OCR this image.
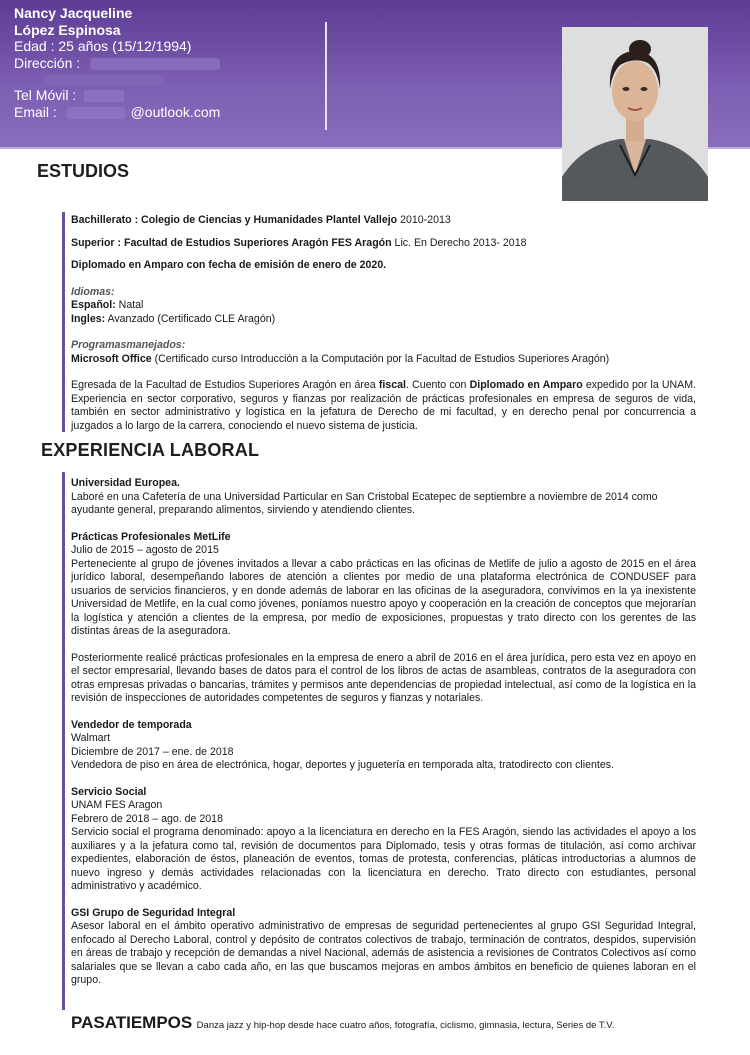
Nancy Jacqueline
López Espinosa
Edad : 25 años (15/12/1994)
Dirección :
Tel Móvil :
Email :	@outlook.com
ESTUDIOS

Bachillerato : Colegio de Ciencias y Humanidades Plantel Vallejo 2010-2013

Superior : Facultad de Estudios Superiores Aragón FES Aragón Lic. En Derecho 2013- 2018

Diplomado en Amparo con fecha de emisión de enero de 2020.

Idiomas:

Español: Natal

Ingles: Avanzado (Certificado CLE Aragón)

Programasmanejados:

Microsoft Office (Certificado curso Introducción a la Computación por la Facultad de Estudios Superiores Aragón)

Egresada de la Facultad de Estudios Superiores Aragón en área fiscal. Cuento con Diplomado en Amparo expedido por la UNAM. Experiencia en sector corporativo, seguros y fianzas por realización de prácticas profesionales en empresa de seguros de vida, también en sector administrativo y logística en la jefatura de Derecho de mi facultad, y en derecho penal por concurrencia a juzgados a lo largo de la carrera, conociendo el nuevo sistema de justicia.

EXPERIENCIA LABORAL

Universidad Europea.

Laboré en una Cafetería de una Universidad Particular en San Cristobal Ecatepec de septiembre a noviembre de 2014 como ayudante general, preparando alimentos, sirviendo y atendiendo clientes.

Prácticas Profesionales MetLife

Julio de 2015 – agosto de 2015

Perteneciente al grupo de jóvenes invitados a llevar a cabo prácticas en las oficinas de Metlife de julio a agosto de 2015 en el área jurídico laboral, desempeñando labores de atención a clientes por medio de una plataforma electrónica de CONDUSEF para usuarios de servicios financieros, y en donde además de laborar en las oficinas de la aseguradora, convivimos en la ya inexistente Universidad de Metlife, en la cual como jóvenes, poníamos nuestro apoyo y cooperación en la creación de conceptos que mejorarían la logística y atención a clientes de la empresa, por medio de exposiciones, propuestas y trato directo con los gerentes de las distintas áreas de la aseguradora.

Posteriormente realicé prácticas profesionales en la empresa de enero a abril de 2016 en el área jurídica, pero esta vez en apoyo en el sector empresarial, llevando bases de datos para el control de los libros de actas de asambleas, contratos de la aseguradora con otras empresas privadas o bancarias, trámites y permisos ante dependencias de propiedad intelectual, así como de la logística en la revisión de inspecciones de autoridades competentes de seguros y fianzas y notariales.

Vendedor de temporada

Walmart

Diciembre de 2017 – ene. de 2018

Vendedora de piso en área de electrónica, hogar, deportes y juguetería en temporada alta, tratodirecto con clientes.

Servicio Social

UNAM FES Aragon

Febrero de 2018 – ago. de 2018

Servicio social el programa denominado: apoyo a la licenciatura en derecho en la FES Aragón, siendo las actividades el apoyo a los auxiliares y a la jefatura como tal, revisión de documentos para Diplomado, tesis y otras formas de titulación, así como archivar expedientes, elaboración de éstos, planeación de eventos, tomas de protesta, conferencias, pláticas introductorias a alumnos de nuevo ingreso y demás actividades relacionadas con la licenciatura en derecho. Trato directo con estudiantes, personal administrativo y académico.

GSI Grupo de Seguridad Integral

Asesor laboral en el ámbito operativo administrativo de empresas de seguridad pertenecientes al grupo GSI Seguridad Integral, enfocado al Derecho Laboral, control y depósito de contratos colectivos de trabajo, terminación de contratos, despidos, supervisión en áreas de trabajo y recepción de demandas a nivel Nacional, además de asistencia a revisiones de Contratos Colectivos así como salariales que se llevan a cabo cada año, en las que buscamos mejoras en ambos ámbitos en beneficio de quienes laboran en el grupo.

PASATIEMPOS Danza jazz y hip-hop desde hace cuatro años, fotografía, ciclismo, gimnasia, lectura, Series de T.V.
